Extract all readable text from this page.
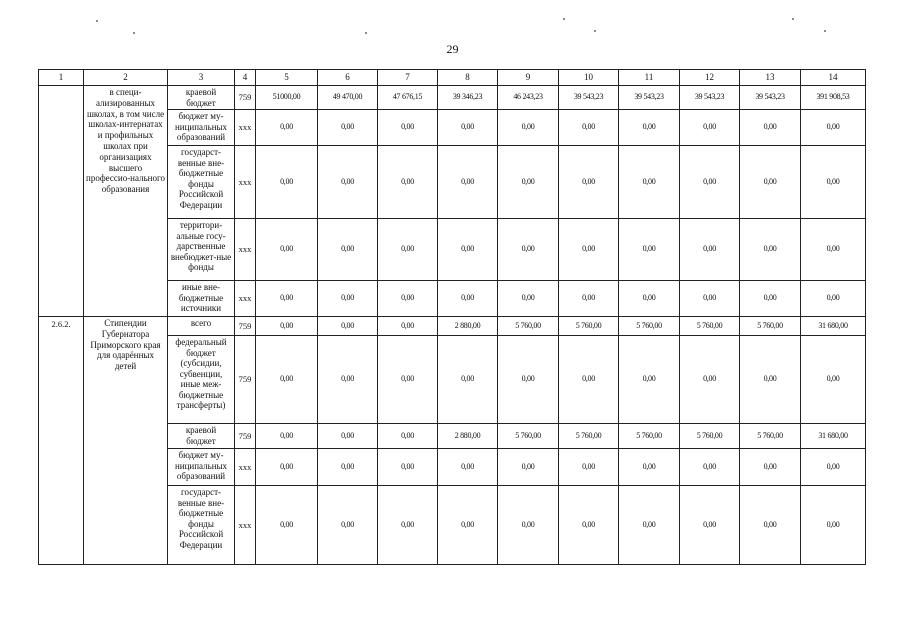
29
1	2	3	4	5	6	7	8	9	10	11	12	13	14
	в специ-ализированных школах, в том числе школах-интернатах и профильных школах при организациях высшего профессио-нального образования	краевой бюджет	759	51000,00	49 470,00	47 676,15	39 346,23	46 243,23	39 543,23	39 543,23	39 543,23	39 543,23	391 908,53
		бюджет му-ниципальных образований	xxx	0,00	0,00	0,00	0,00	0,00	0,00	0,00	0,00	0,00	0,00
		государст-венные вне-бюджетные фонды Российской Федерации	xxx	0,00	0,00	0,00	0,00	0,00	0,00	0,00	0,00	0,00	0,00
		территори-альные госу-дарственные внебюджет-ные фонды	xxx	0,00	0,00	0,00	0,00	0,00	0,00	0,00	0,00	0,00	0,00
		иные вне-бюджетные источники	xxx	0,00	0,00	0,00	0,00	0,00	0,00	0,00	0,00	0,00	0,00
2.6.2.	Стипендии Губернатора Приморского края для одарённых детей	всего	759	0,00	0,00	0,00	2 880,00	5 760,00	5 760,00	5 760,00	5 760,00	5 760,00	31 680,00
		федеральный бюджет (субсидии, субвенции, иные меж-бюджетные трансферты)	759	0,00	0,00	0,00	0,00	0,00	0,00	0,00	0,00	0,00	0,00
		краевой бюджет	759	0,00	0,00	0,00	2 880,00	5 760,00	5 760,00	5 760,00	5 760,00	5 760,00	31 680,00
		бюджет му-ниципальных образований	xxx	0,00	0,00	0,00	0,00	0,00	0,00	0,00	0,00	0,00	0,00
		государст-венные вне-бюджетные фонды Российской Федерации	xxx	0,00	0,00	0,00	0,00	0,00	0,00	0,00	0,00	0,00	0,00
